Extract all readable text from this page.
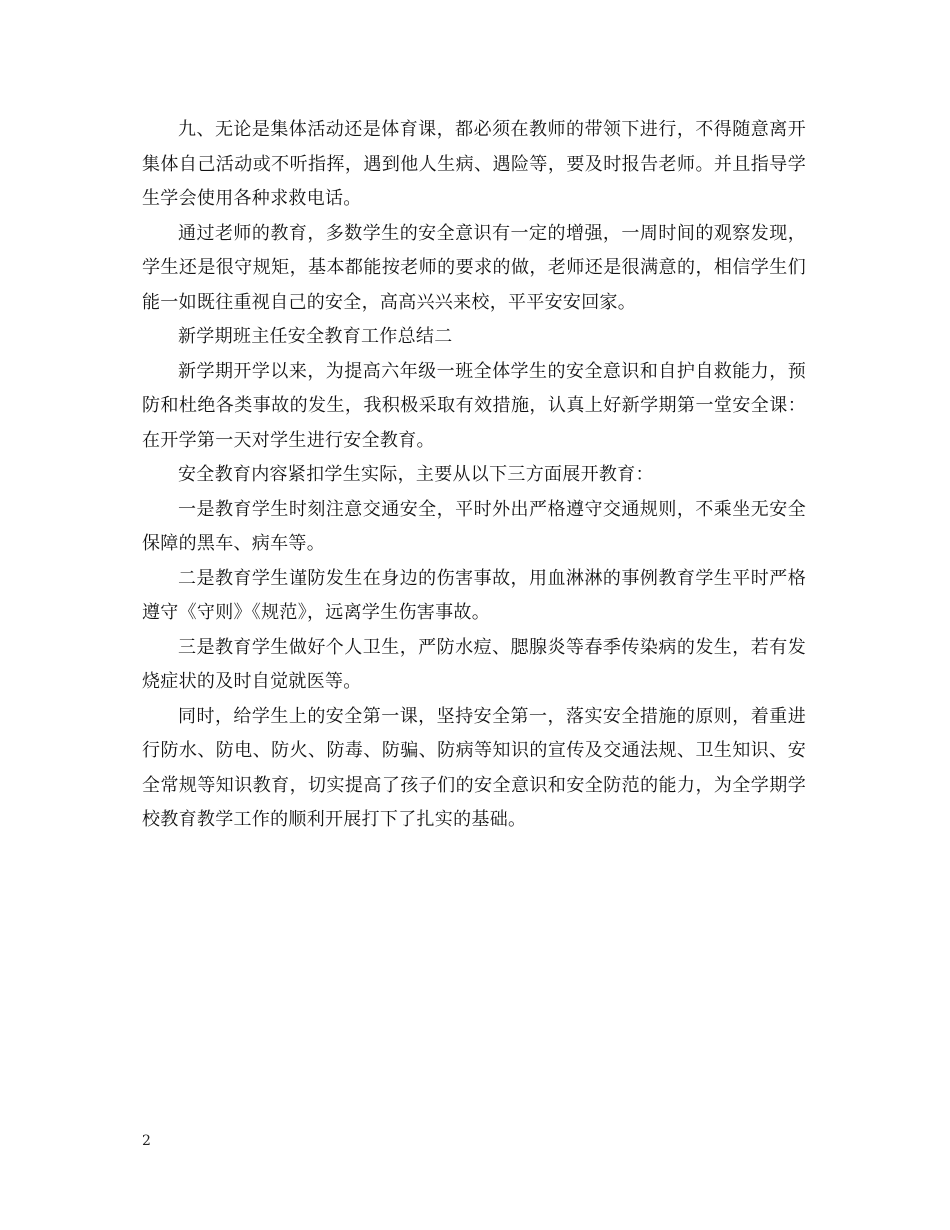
九、无论是集体活动还是体育课，都必须在教师的带领下进行，不得随意离开集体自己活动或不听指挥，遇到他人生病、遇险等，要及时报告老师。并且指导学生学会使用各种求救电话。

通过老师的教育，多数学生的安全意识有一定的增强，一周时间的观察发现，学生还是很守规矩，基本都能按老师的要求的做，老师还是很满意的，相信学生们能一如既往重视自己的安全，高高兴兴来校，平平安安回家。

新学期班主任安全教育工作总结二

新学期开学以来，为提高六年级一班全体学生的安全意识和自护自救能力，预防和杜绝各类事故的发生，我积极采取有效措施，认真上好新学期第一堂安全课：在开学第一天对学生进行安全教育。

安全教育内容紧扣学生实际，主要从以下三方面展开教育：

一是教育学生时刻注意交通安全，平时外出严格遵守交通规则，不乘坐无安全保障的黑车、病车等。

二是教育学生谨防发生在身边的伤害事故，用血淋淋的事例教育学生平时严格遵守《守则》《规范》，远离学生伤害事故。

三是教育学生做好个人卫生，严防水痘、腮腺炎等春季传染病的发生，若有发烧症状的及时自觉就医等。

同时，给学生上的安全第一课，坚持安全第一，落实安全措施的原则，着重进行防水、防电、防火、防毒、防骗、防病等知识的宣传及交通法规、卫生知识、安全常规等知识教育，切实提高了孩子们的安全意识和安全防范的能力，为全学期学校教育教学工作的顺利开展打下了扎实的基础。

2
